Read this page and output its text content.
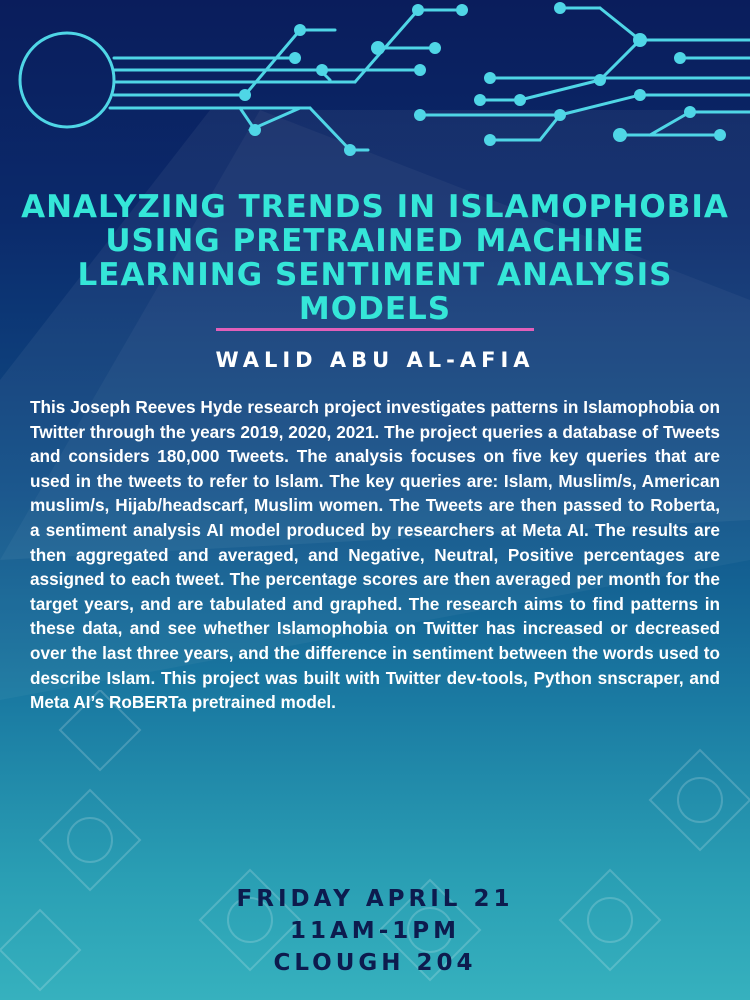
ANALYZING TRENDS IN ISLAMOPHOBIA USING PRETRAINED MACHINE LEARNING SENTIMENT ANALYSIS MODELS
WALID ABU AL-AFIA

This Joseph Reeves Hyde research project investigates patterns in Islamophobia on Twitter through the years 2019, 2020, 2021. The project queries a database of Tweets and considers 180,000 Tweets. The analysis focuses on five key queries that are used in the tweets to refer to Islam. The key queries are: Islam, Muslim/s, American muslim/s, Hijab/headscarf, Muslim women. The Tweets are then passed to Roberta, a sentiment analysis AI model produced by researchers at Meta AI. The results are then aggregated and averaged, and Negative, Neutral, Positive percentages are assigned to each tweet. The percentage scores are then averaged per month for the target years, and are tabulated and graphed. The research aims to find patterns in these data, and see whether Islamophobia on Twitter has increased or decreased over the last three years, and the difference in sentiment between the words used to describe Islam. This project was built with Twitter dev-tools, Python snscraper, and Meta AI’s RoBERTa pretrained model.

FRIDAY APRIL 21
11AM-1PM
CLOUGH 204
